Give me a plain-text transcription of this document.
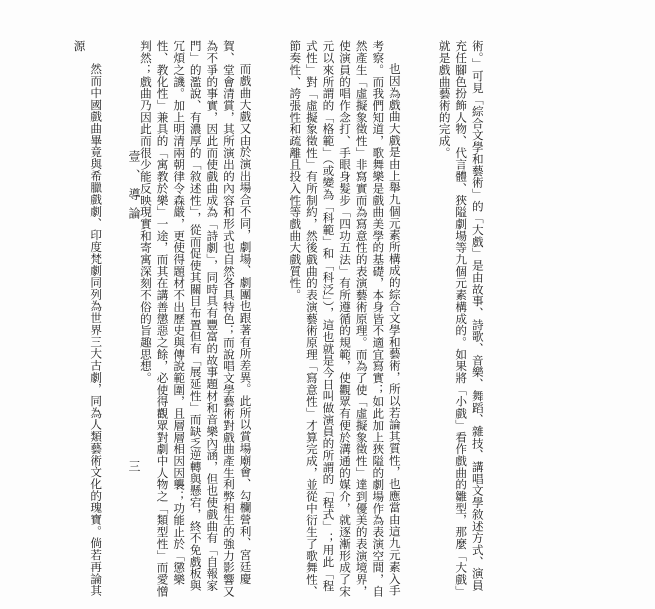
術。」可見「綜合文學和藝術」的「大戲」是由故事、詩歌、音樂、舞蹈、雜技、講唱文學敘述方式、演員充任腳色扮飾人物、代言體、狹隘劇場等九個元素構成的。如果將「小戲」看作戲曲的雛型，那麼「大戲」就是戲曲藝術的完成。

也因為戲曲大戲是由上舉九個元素所構成的綜合文學和藝術，所以若論其質性，也應當由這九元素入手考察。而我們知道，歌舞樂是戲曲美學的基礎，本身皆不適宜寫實；如此加上狹隘的劇場作為表演空間，自然產生「虛擬象徵性」非寫實而為寫意性的表演藝術原理。而為了使「虛擬象徵性」達到優美的表演境界，使演員的唱作念打、手眼身髮步「四功五法」有所遵循的規範，使觀眾有便於溝通的媒介，就逐漸形成了宋元以來所謂的「格範」（或變為「科範」和「科泛」），這也就是今日叫做演員的所謂的「程式」；用此「程式性」對「虛擬象徵性」有所制約，然後戲曲的表演藝術原理「寫意性」才算完成，並從中衍生了歌舞性、節奏性、誇張性和疏離且投入性等戲曲大戲質性。

而戲曲大戲又由於演出場合不同，劇場、劇團也跟著有所差異。此所以賞場廟會、勾欄營利、宮廷慶賀、堂會清賞，其所演出的內容和形式也自然各具特色；而說唱文學藝術對戲曲產生利弊相生的強力影響又為不爭的事實，因此而使戲曲成為「詩劇」，同時具有豐富的故事題材和音樂內涵，但也使戲曲有「自報家門」的濫說、有濃厚的「敘述性」，從而促使其關目布置但有「展延性」而缺乏逆轉與懸宕，終不免戲板與冗煩之譏。加上明清兩朝律令森嚴，更使得題材不出歷史與傳說範圍，且層層相因因襲；功能止於「懲樂性、教化性」兼具的「寓教於樂」一途，而其在講善懲惡之餘，必使得觀眾對劇中人物之「類型性」而愛憎判然；戲曲乃因此而很少能反映現實和寄寓深刻不俗的旨趣思想。

然而中國戲曲畢竟與希臘戲劇、印度梵劇同列為世界三大古劇，同為人類藝術文化的瑰寶。倘若再論其源

壹、導論
三
